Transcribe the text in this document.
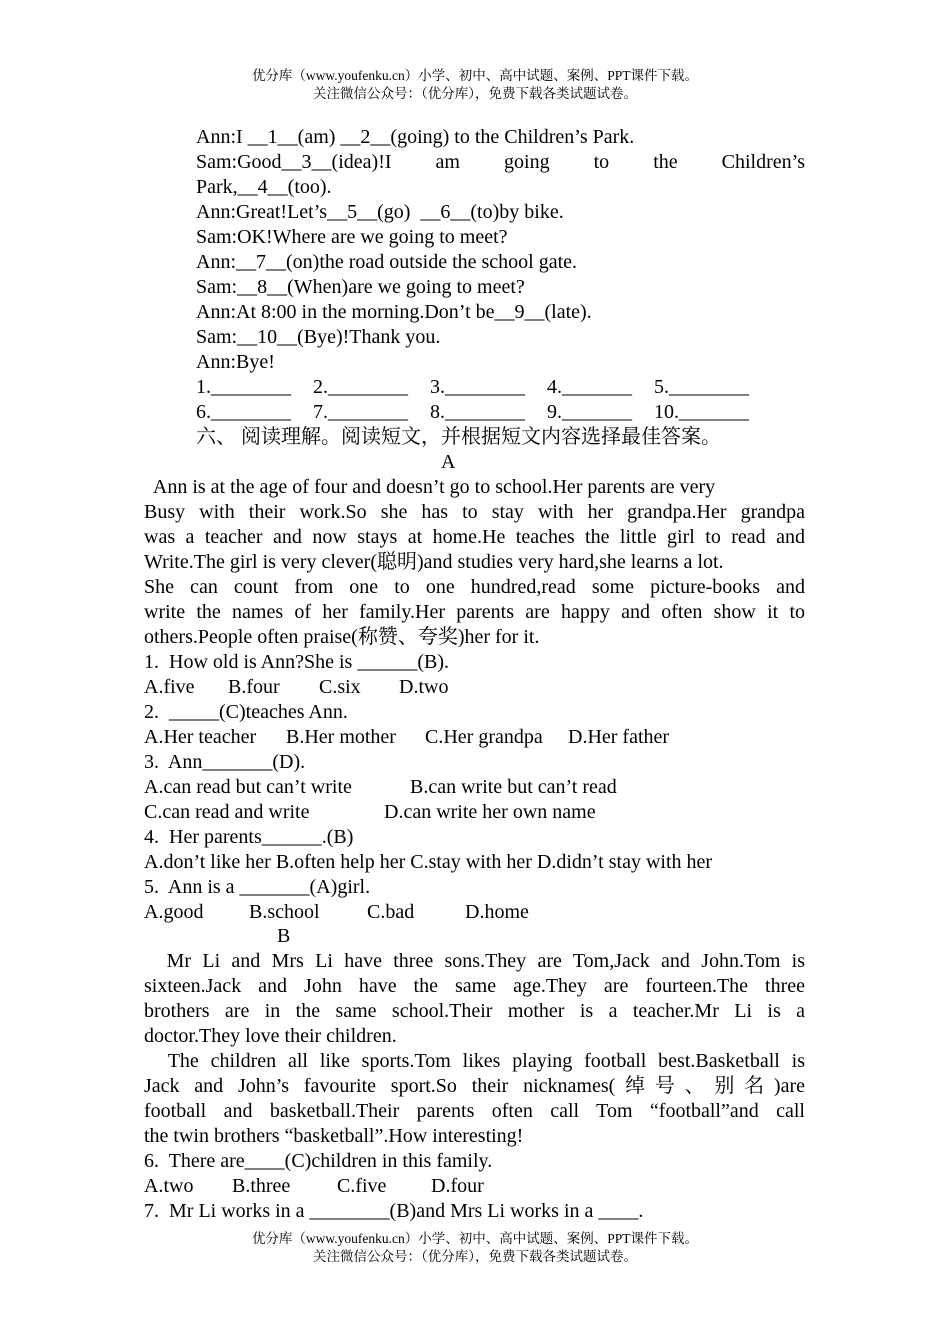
优分库（www.youfenku.cn）小学、初中、高中试题、案例、PPT课件下载。
关注微信公众号：（优分库），免费下载各类试题试卷。
Ann:I __1__(am) __2__(going) to the Children’s Park.
Sam:Good__3__(idea)!I am going to the Children’s
Park,__4__(too).
Ann:Great!Let’s__5__(go)  __6__(to)by bike.
Sam:OK!Where are we going to meet?
Ann:__7__(on)the road outside the school gate.
Sam:__8__(When)are we going to meet?
Ann:At 8:00 in the morning.Don’t be__9__(late).
Sam:__10__(Bye)!Thank you.
Ann:Bye!
1.________ 2.________ 3.________ 4._______ 5.________
6.________ 7.________ 8.________ 9._______ 10._______
六、 阅读理解。阅读短文，并根据短文内容选择最佳答案。
A
Ann is at the age of four and doesn’t go to school.Her parents are very
Busy with their work.So she has to stay with her grandpa.Her grandpa
was a teacher and now stays at home.He teaches the little girl to read and
Write.The girl is very clever(聪明)and studies very hard,she learns a lot.
She can count from one to one hundred,read some picture-books and
write the names of her family.Her parents are happy and often show it to
others.People often praise(称赞、夸奖)her for it.
1.  How old is Ann?She is ______(B).
A.five B.four C.six D.two
2.  _____(C)teaches Ann.
A.Her teacher B.Her mother C.Her grandpa D.Her father
3.  Ann_______(D).
A.can read but can’t write	B.can write but can’t read
C.can read and write	D.can write her own name
4.  Her parents______.(B)
A.don’t like her B.often help her C.stay with her D.didn’t stay with her
5.  Ann is a _______(A)girl.
A.good B.school C.bad	D.home
B
Mr Li and Mrs Li have three sons.They are Tom,Jack and John.Tom is
sixteen.Jack and John have the same age.They are fourteen.The three
brothers are in the same school.Their mother is a teacher.Mr Li is a
doctor.They love their children.
The children all like sports.Tom likes playing football best.Basketball is
Jack and John’s favourite sport.So their nicknames(绰号、别名)are
football and basketball.Their parents often call Tom “football”and call
the twin brothers “basketball”.How interesting!
6.  There are____(C)children in this family.
A.two B.three C.five D.four
7.  Mr Li works in a ________(B)and Mrs Li works in a ____.
优分库（www.youfenku.cn）小学、初中、高中试题、案例、PPT课件下载。
关注微信公众号：（优分库），免费下载各类试题试卷。
